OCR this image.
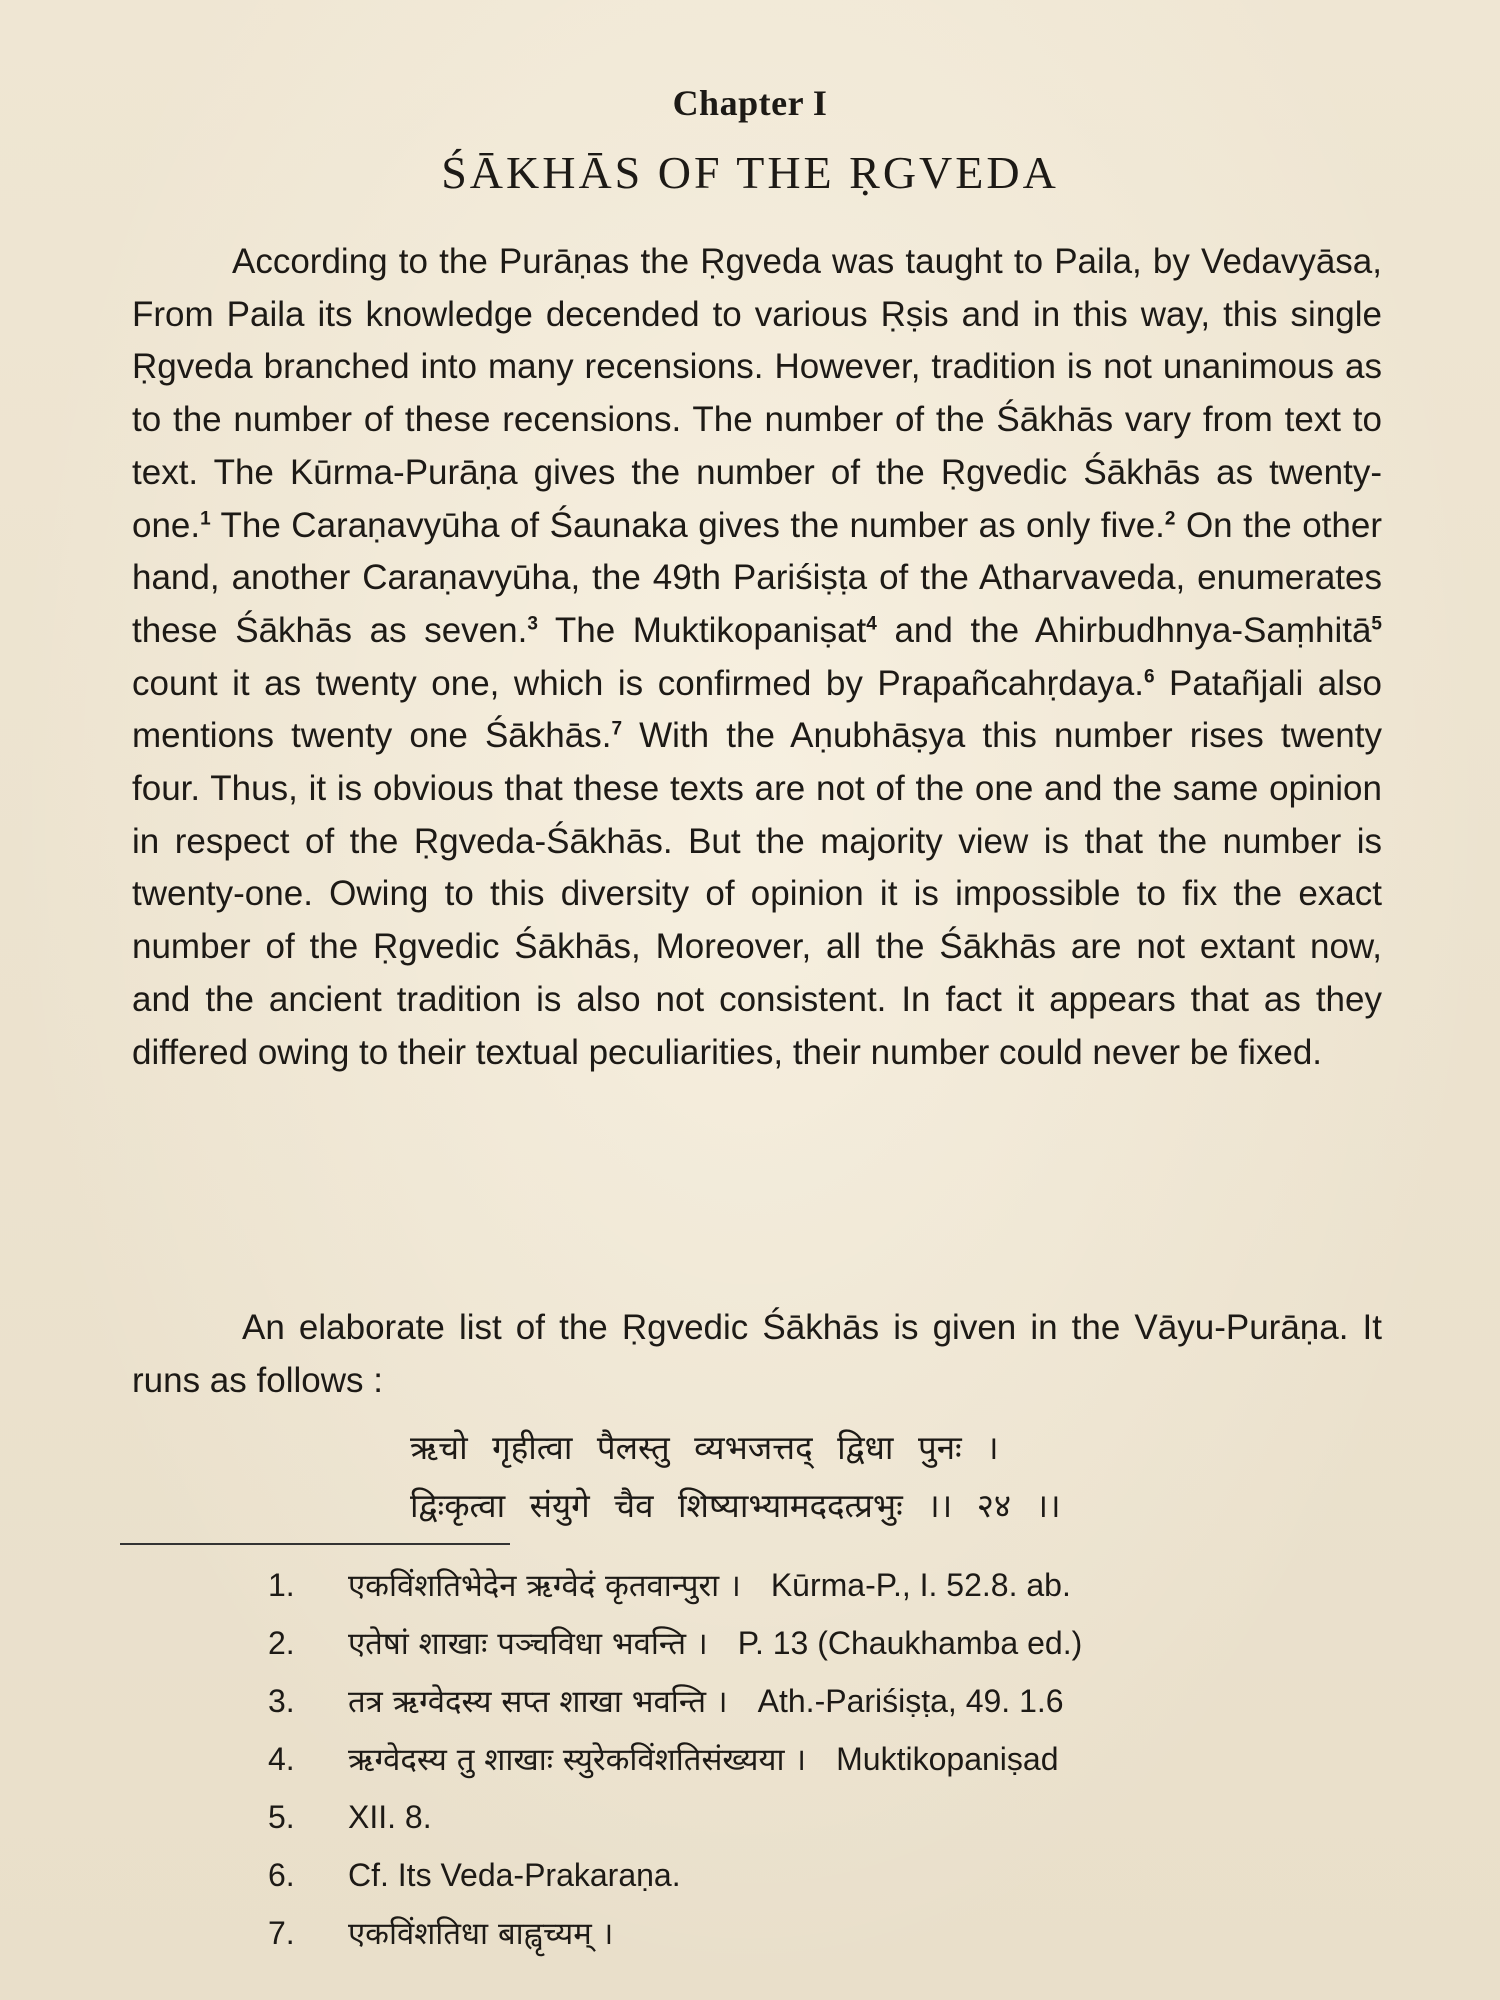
Chapter I
ŚĀKHĀS OF THE ṚGVEDA
According to the Purāṇas the Ṛgveda was taught to Paila, by Vedavyāsa, From Paila its knowledge decended to various Ṛṣis and in this way, this single Ṛgveda branched into many recensions. However, tradition is not unanimous as to the number of these recensions. The number of the Śākhās vary from text to text. The Kūrma-Purāṇa gives the number of the Ṛgvedic Śākhās as twenty-one.$^1$ The Caraṇavyūha of Śaunaka gives the number as only five.$^2$ On the other hand, another Caraṇavyūha, the 49th Pariśiṣṭa of the Atharvaveda, enumerates these Śākhās as seven.$^3$ The Muktikopaniṣat$^4$ and the Ahirbudhnya-Saṃhitā$^5$ count it as twenty one, which is confirmed by Prapañcahṛdaya.$^6$ Patañjali also mentions twenty one Śākhās.$^7$ With the Aṇubhāṣya this number rises twenty four. Thus, it is obvious that these texts are not of the one and the same opinion in respect of the Ṛgveda-Śākhās. But the majority view is that the number is twenty-one. Owing to this diversity of opinion it is impossible to fix the exact number of the Ṛgvedic Śākhās, Moreover, all the Śākhās are not extant now, and the ancient tradition is also not consistent. In fact it appears that as they differed owing to their textual peculiarities, their number could never be fixed.
An elaborate list of the Ṛgvedic Śākhās is given in the Vāyu-Purāṇa. It runs as follows :
ऋचो गृहीत्वा पैलस्तु व्यभजत्तद् द्विधा पुनः ।
द्विःकृत्वा संयुगे चैव शिष्याभ्यामददत्प्रभुः ।। २४ ।।
1.	एकविंशतिभेदेन ऋग्वेदं कृतवान्पुरा । Kūrma-P., I. 52.8. ab.
2.	एतेषां शाखाः पञ्चविधा भवन्ति । P. 13 (Chaukhamba ed.)
3.	तत्र ऋग्वेदस्य सप्त शाखा भवन्ति । Ath.-Pariśiṣṭa, 49. 1.6
4.	ऋग्वेदस्य तु शाखाः स्युरेकविंशतिसंख्यया । Muktikopaniṣad
5.	XII. 8.
6.	Cf. Its Veda-Prakaraṇa.
7.	एकविंशतिधा बाह्वृच्यम् ।
